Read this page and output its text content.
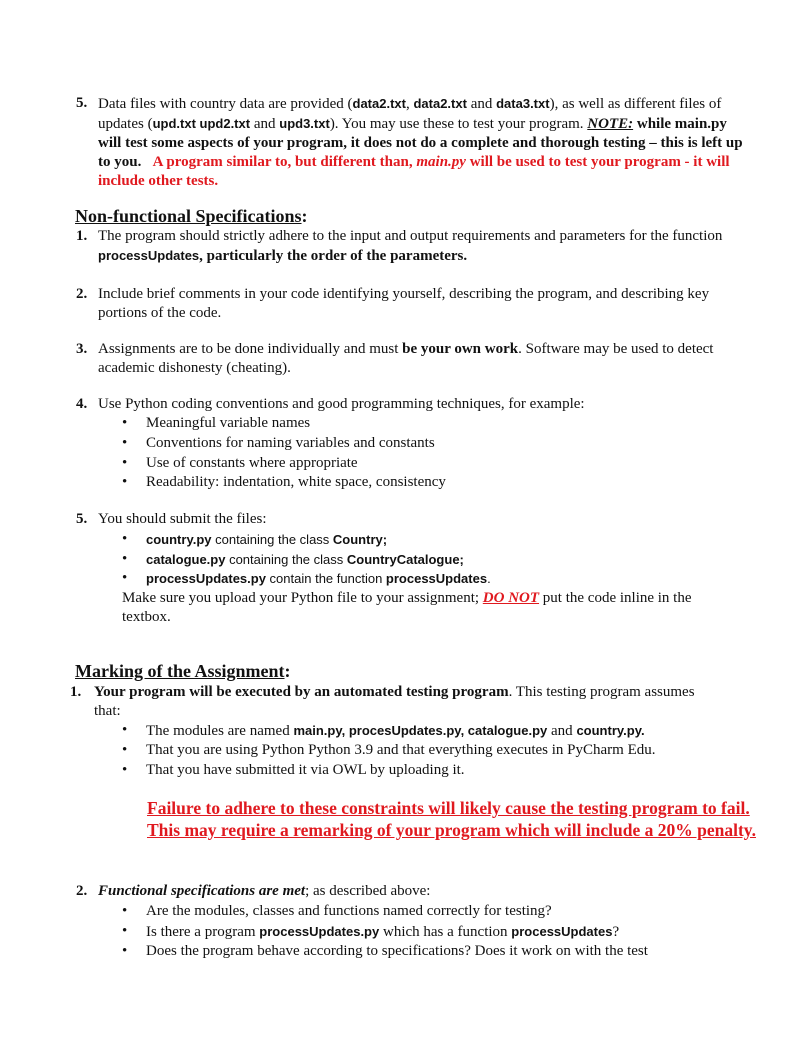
5. Data files with country data are provided (data2.txt, data2.txt and data3.txt), as well as different files of updates (upd.txt upd2.txt and upd3.txt). You may use these to test your program. NOTE: while main.py will test some aspects of your program, it does not do a complete and thorough testing – this is left up to you. A program similar to, but different than, main.py will be used to test your program - it will include other tests.
Non-functional Specifications:
1. The program should strictly adhere to the input and output requirements and parameters for the function processUpdates, particularly the order of the parameters.
2. Include brief comments in your code identifying yourself, describing the program, and describing key portions of the code.
3. Assignments are to be done individually and must be your own work. Software may be used to detect academic dishonesty (cheating).
4. Use Python coding conventions and good programming techniques, for example:
• Meaningful variable names
• Conventions for naming variables and constants
• Use of constants where appropriate
• Readability: indentation, white space, consistency
5. You should submit the files:
• country.py containing the class Country;
• catalogue.py containing the class CountryCatalogue;
• processUpdates.py contain the function processUpdates.
Make sure you upload your Python file to your assignment; DO NOT put the code inline in the textbox.
Marking of the Assignment:
1. Your program will be executed by an automated testing program. This testing program assumes that:
• The modules are named main.py, procesUpdates.py, catalogue.py and country.py.
• That you are using Python Python 3.9 and that everything executes in PyCharm Edu.
• That you have submitted it via OWL by uploading it.
Failure to adhere to these constraints will likely cause the testing program to fail. This may require a remarking of your program which will include a 20% penalty.
2. Functional specifications are met; as described above:
• Are the modules, classes and functions named correctly for testing?
• Is there a program processUpdates.py which has a function processUpdates?
• Does the program behave according to specifications? Does it work on with the test
